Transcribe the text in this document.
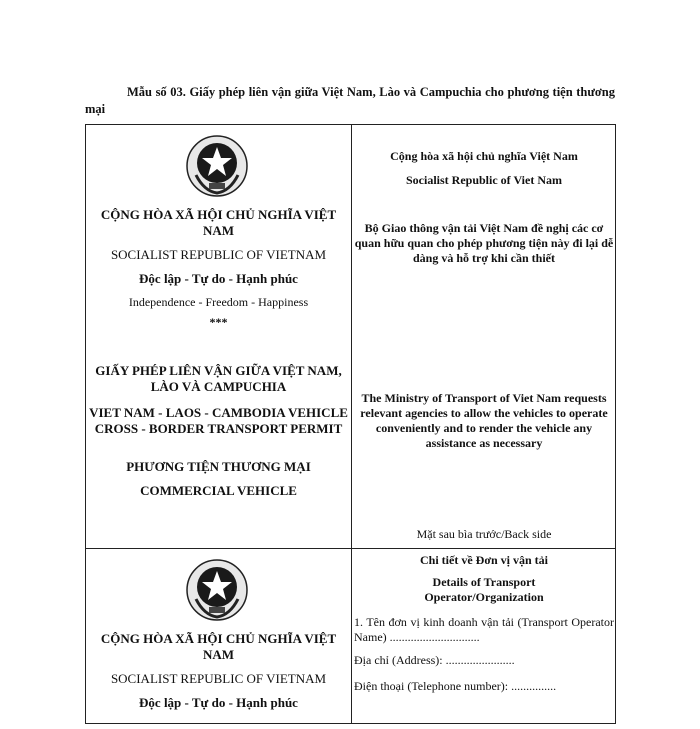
Mẫu số 03. Giấy phép liên vận giữa Việt Nam, Lào và Campuchia cho phương tiện thương mại
CỘNG HÒA XÃ HỘI CHỦ NGHĨA VIỆT NAM
SOCIALIST REPUBLIC OF VIETNAM
Độc lập - Tự do - Hạnh phúc
Independence - Freedom - Happiness
***
GIẤY PHÉP LIÊN VẬN GIỮA VIỆT NAM, LÀO VÀ CAMPUCHIA
VIET NAM - LAOS - CAMBODIA VEHICLE CROSS - BORDER TRANSPORT PERMIT
PHƯƠNG TIỆN THƯƠNG MẠI
COMMERCIAL VEHICLE
Cộng hòa xã hội chủ nghĩa Việt Nam
Socialist Republic of Viet Nam
Bộ Giao thông vận tải Việt Nam đề nghị các cơ quan hữu quan cho phép phương tiện này đi lại dễ dàng và hỗ trợ khi cần thiết
The Ministry of Transport of Viet Nam requests relevant agencies to allow the vehicles to operate conveniently and to render the vehicle any assistance as necessary
Mặt sau bìa trước/Back side
CỘNG HÒA XÃ HỘI CHỦ NGHĨA VIỆT NAM
SOCIALIST REPUBLIC OF VIETNAM
Độc lập - Tự do - Hạnh phúc
Chi tiết về Đơn vị vận tải
Details of Transport Operator/Organization
1. Tên đơn vị kinh doanh vận tải (Transport Operator Name) ..............................
Địa chỉ (Address): .......................
Điện thoại (Telephone number): ...............
